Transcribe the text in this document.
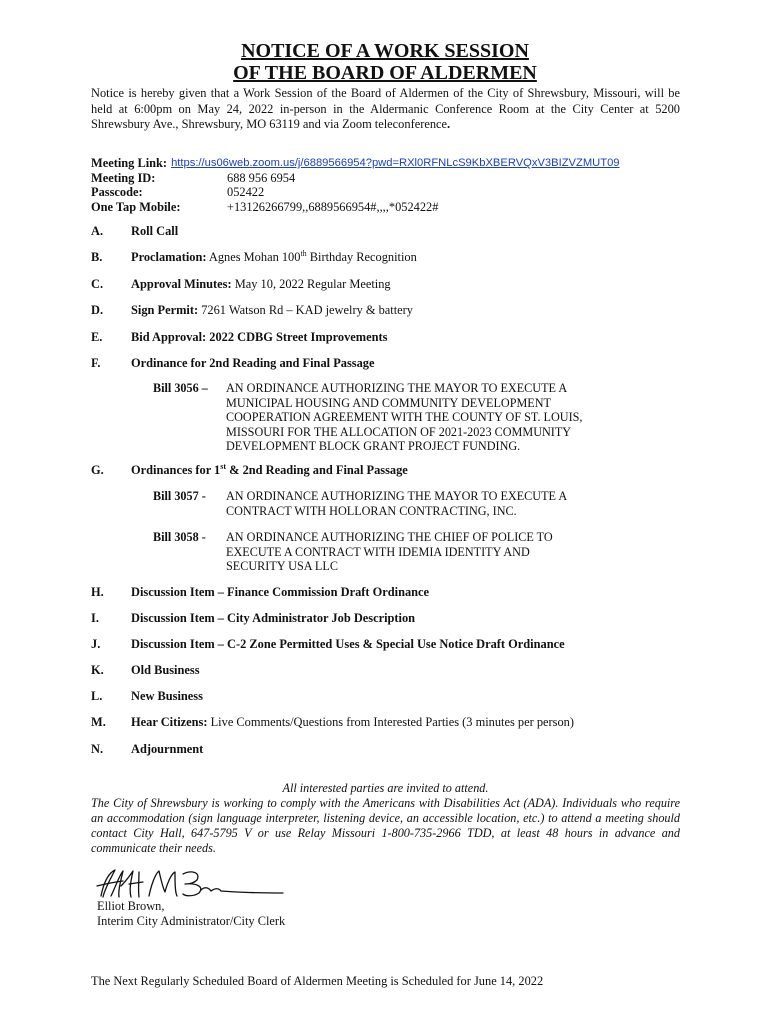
NOTICE OF A WORK SESSION
OF THE BOARD OF ALDERMEN
Notice is hereby given that a Work Session of the Board of Aldermen of the City of Shrewsbury, Missouri, will be held at 6:00pm on May 24, 2022 in-person in the Aldermanic Conference Room at the City Center at 5200 Shrewsbury Ave., Shrewsbury, MO 63119 and via Zoom teleconference.
Meeting Link: https://us06web.zoom.us/j/6889566954?pwd=RXl0RFNLcS9KbXBERVQxV3BIZVZMUT09
Meeting ID:	688 956 6954
Passcode:	052422
One Tap Mobile:	+13126266799,,6889566954#,,,,*052422#
A. Roll Call
B. Proclamation: Agnes Mohan 100th Birthday Recognition
C. Approval Minutes: May 10, 2022 Regular Meeting
D. Sign Permit: 7261 Watson Rd – KAD jewelry & battery
E. Bid Approval: 2022 CDBG Street Improvements
F. Ordinance for 2nd Reading and Final Passage
Bill 3056 – AN ORDINANCE AUTHORIZING THE MAYOR TO EXECUTE A
MUNICIPAL HOUSING AND COMMUNITY DEVELOPMENT
COOPERATION AGREEMENT WITH THE COUNTY OF ST. LOUIS,
MISSOURI FOR THE ALLOCATION OF 2021-2023 COMMUNITY
DEVELOPMENT BLOCK GRANT PROJECT FUNDING.
G. Ordinances for 1st & 2nd Reading and Final Passage
Bill 3057 - AN ORDINANCE AUTHORIZING THE MAYOR TO EXECUTE A
CONTRACT WITH HOLLORAN CONTRACTING, INC.
Bill 3058 - AN ORDINANCE AUTHORIZING THE CHIEF OF POLICE TO
EXECUTE A CONTRACT WITH IDEMIA IDENTITY AND
SECURITY USA LLC
H. Discussion Item – Finance Commission Draft Ordinance
I.	Discussion Item – City Administrator Job Description
J. Discussion Item – C-2 Zone Permitted Uses & Special Use Notice Draft Ordinance
K. Old Business
L. New Business
M. Hear Citizens: Live Comments/Questions from Interested Parties (3 minutes per person)
N. Adjournment
All interested parties are invited to attend.
The City of Shrewsbury is working to comply with the Americans with Disabilities Act (ADA). Individuals who require an accommodation (sign language interpreter, listening device, an accessible location, etc.) to attend a meeting should contact City Hall, 647-5795 V or use Relay Missouri 1-800-735-2966 TDD, at least 48 hours in advance and communicate their needs.
Elliot Brown,
Interim City Administrator/City Clerk
The Next Regularly Scheduled Board of Aldermen Meeting is Scheduled for June 14, 2022
